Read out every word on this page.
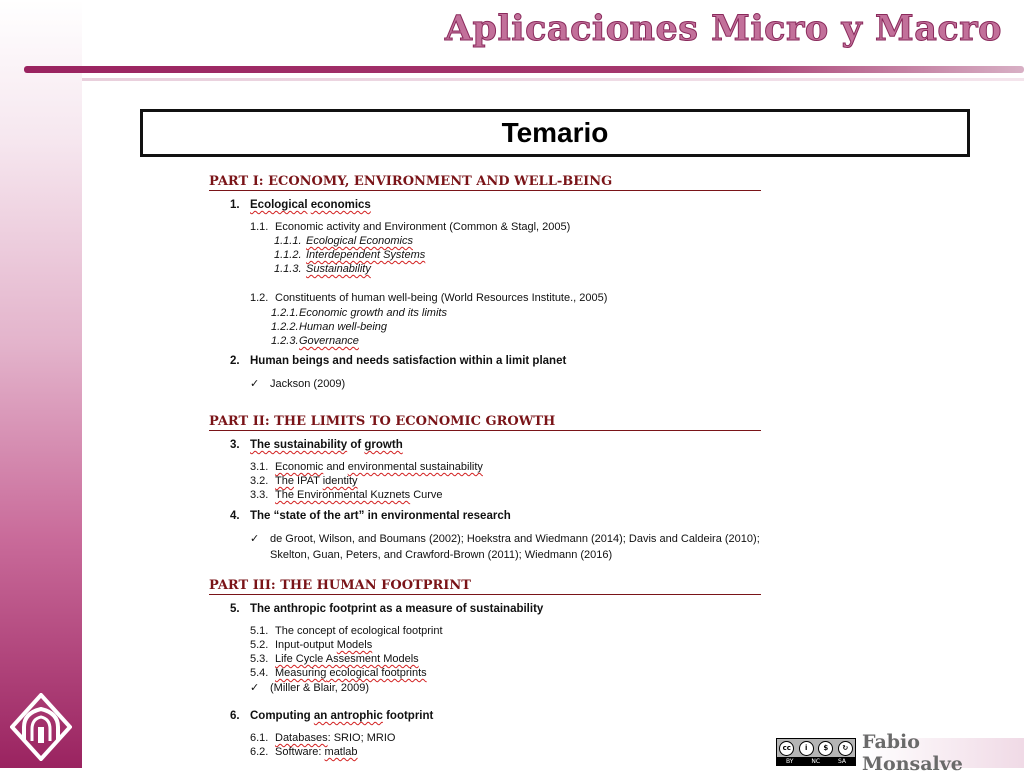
Aplicaciones Micro y Macro
Temario
PART I: ECONOMY, ENVIRONMENT AND WELL-BEING
1. Ecological economics
1.1. Economic activity and Environment (Common & Stagl, 2005)
1.1.1. Ecological Economics
1.1.2. Interdependent Systems
1.1.3. Sustainability
1.2. Constituents of human well-being (World Resources Institute., 2005)
1.2.1.Economic growth and its limits
1.2.2.Human well-being
1.2.3.Governance
2. Human beings and needs satisfaction within a limit planet
✓ Jackson (2009)
PART II: THE LIMITS TO ECONOMIC GROWTH
3. The sustainability of growth
3.1. Economic and environmental sustainability
3.2. The IPAT identity
3.3. The Environmental Kuznets Curve
4. The “state of the art” in environmental research
✓ de Groot, Wilson, and Boumans (2002); Hoekstra and Wiedmann (2014); Davis and Caldeira (2010);
Skelton, Guan, Peters, and Crawford-Brown (2011); Wiedmann (2016)
PART III: THE HUMAN FOOTPRINT
5. The anthropic footprint as a measure of sustainability
5.1. The concept of ecological footprint
5.2. Input-output Models
5.3. Life Cycle Assesment Models
5.4. Measuring ecological footprints
✓ (Miller & Blair, 2009)
6. Computing an antrophic footprint
6.1. Databases: SRIO; MRIO
6.2. Software: matlab	cc	i	$	↻
BY	NC	SA
Fabio Monsalve
